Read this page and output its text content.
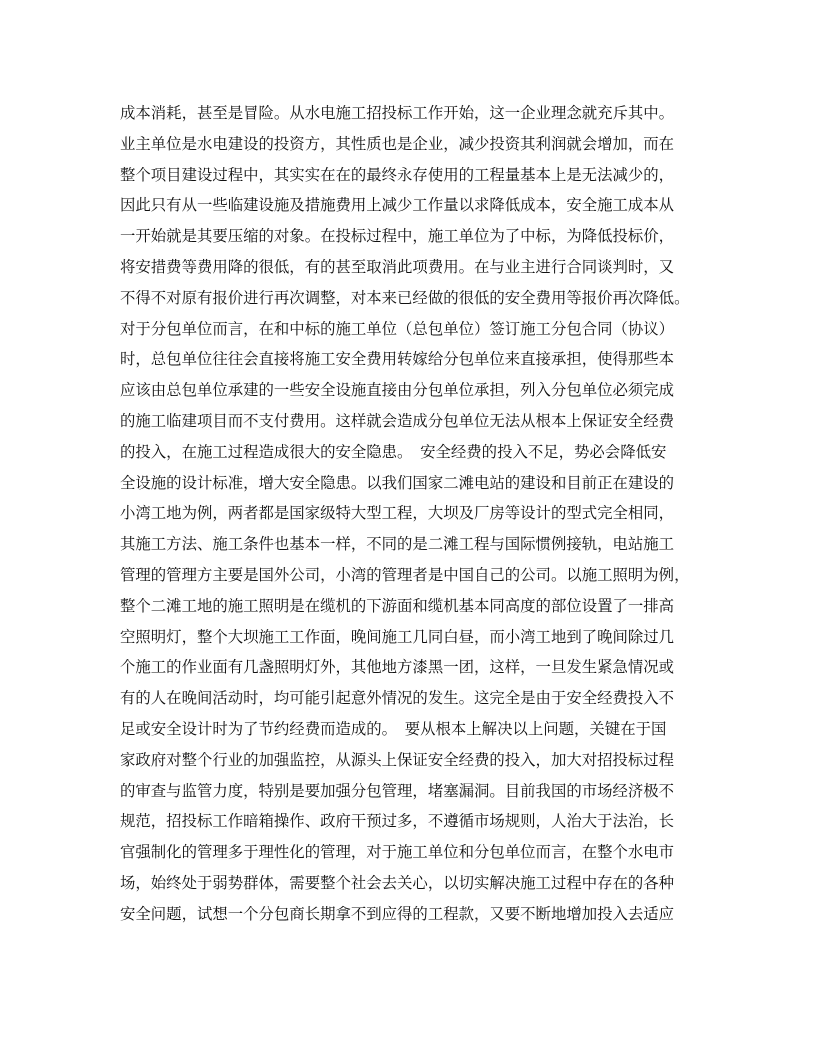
成本消耗，甚至是冒险。从水电施工招投标工作开始，这一企业理念就充斥其中。
业主单位是水电建设的投资方，其性质也是企业，减少投资其利润就会增加，而在
整个项目建设过程中，其实实在在的最终永存使用的工程量基本上是无法减少的，
因此只有从一些临建设施及措施费用上减少工作量以求降低成本，安全施工成本从
一开始就是其要压缩的对象。在投标过程中，施工单位为了中标，为降低投标价，
将安措费等费用降的很低，有的甚至取消此项费用。在与业主进行合同谈判时，又
不得不对原有报价进行再次调整，对本来已经做的很低的安全费用等报价再次降低。
对于分包单位而言，在和中标的施工单位（总包单位）签订施工分包合同（协议）
时，总包单位往往会直接将施工安全费用转嫁给分包单位来直接承担，使得那些本
应该由总包单位承建的一些安全设施直接由分包单位承担，列入分包单位必须完成
的施工临建项目而不支付费用。这样就会造成分包单位无法从根本上保证安全经费
的投入，在施工过程造成很大的安全隐患。　安全经费的投入不足，势必会降低安
全设施的设计标准，增大安全隐患。以我们国家二滩电站的建设和目前正在建设的
小湾工地为例，两者都是国家级特大型工程，大坝及厂房等设计的型式完全相同，
其施工方法、施工条件也基本一样，不同的是二滩工程与国际惯例接轨，电站施工
管理的管理方主要是国外公司，小湾的管理者是中国自己的公司。以施工照明为例，
整个二滩工地的施工照明是在缆机的下游面和缆机基本同高度的部位设置了一排高
空照明灯，整个大坝施工工作面，晚间施工几同白昼，而小湾工地到了晚间除过几
个施工的作业面有几盏照明灯外，其他地方漆黑一团，这样，一旦发生紧急情况或
有的人在晚间活动时，均可能引起意外情况的发生。这完全是由于安全经费投入不
足或安全设计时为了节约经费而造成的。　要从根本上解决以上问题，关键在于国
家政府对整个行业的加强监控，从源头上保证安全经费的投入，加大对招投标过程
的审查与监管力度，特别是要加强分包管理，堵塞漏洞。目前我国的市场经济极不
规范，招投标工作暗箱操作、政府干预过多，不遵循市场规则，人治大于法治，长
官强制化的管理多于理性化的管理，对于施工单位和分包单位而言，在整个水电市
场，始终处于弱势群体，需要整个社会去关心，以切实解决施工过程中存在的各种
安全问题，试想一个分包商长期拿不到应得的工程款，又要不断地增加投入去适应
